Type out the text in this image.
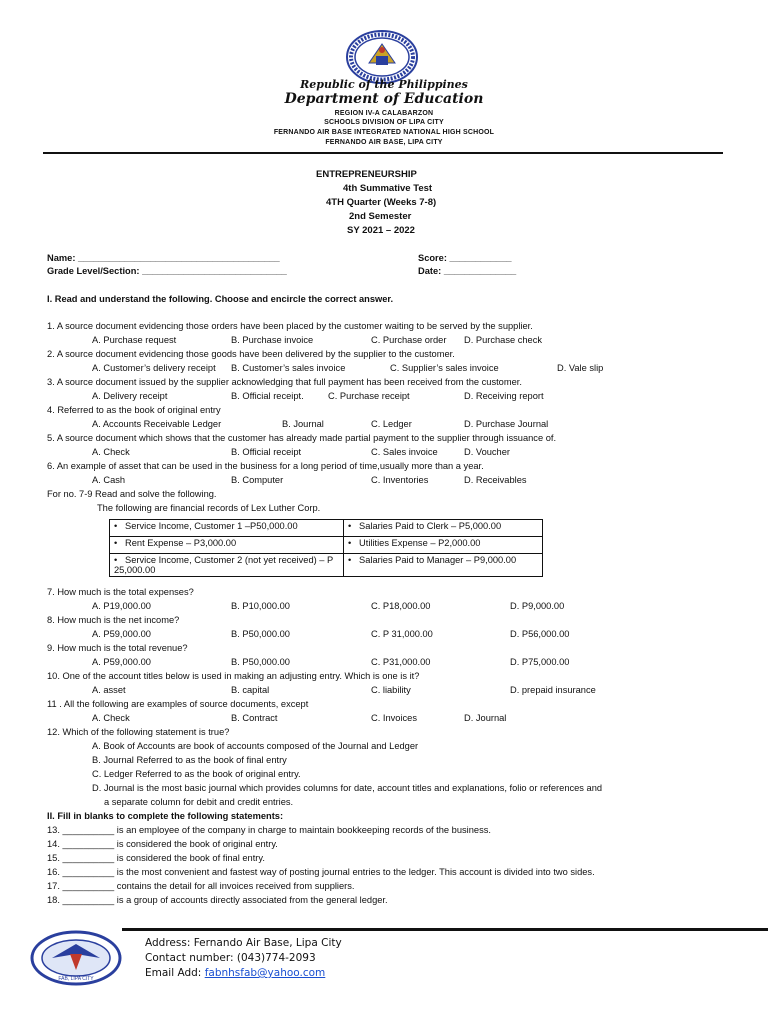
Republic of the Philippines
Department of Education
REGION IV-A CALABARZON
SCHOOLS DIVISION OF LIPA CITY
FERNANDO AIR BASE INTEGRATED NATIONAL HIGH SCHOOL
FERNANDO AIR BASE, LIPA CITY
ENTREPRENEURSHIP
4th Summative Test
4TH Quarter (Weeks 7-8)
2nd Semester
SY 2021 – 2022
Name: _______________________________________	Score: ____________
Grade Level/Section: ____________________________	Date: ______________
I. Read and understand the following. Choose and encircle the correct answer.
1. A source document evidencing those orders have been placed by the customer waiting to be served by the supplier.
A. Purchase request	B. Purchase invoice	C. Purchase order D. Purchase check
2. A source document evidencing those goods have been delivered by the supplier to the customer.
A. Customer’s delivery receipt B. Customer’s sales invoice	C. Supplier’s sales invoice	D. Vale slip
3. A source document issued by the supplier acknowledging that full payment has been received from the customer.
A. Delivery receipt	B. Official receipt.	C. Purchase receipt	D. Receiving report
4. Referred to as the book of original entry
A. Accounts Receivable Ledger	B. Journal	C. Ledger	D. Purchase Journal
5. A source document which shows that the customer has already made partial payment to the supplier through issuance of.
A. Check	B. Official receipt	C. Sales invoice	D. Voucher
6. An example of asset that can be used in the business for a long period of time,usually more than a year.
A. Cash	B. Computer	C. Inventories	D. Receivables
For no. 7-9 Read and solve the following.
The following are financial records of Lex Luther Corp.
•   Service Income, Customer 1 –P50,000.00	•   Salaries Paid to Clerk – P5,000.00
•   Rent Expense – P3,000.00	•   Utilities Expense – P2,000.00
•   Service Income, Customer 2 (not yet received) – P 25,000.00	•   Salaries Paid to Manager – P9,000.00
7. How much is the total expenses?
A. P19,000.00	B. P10,000.00	C. P18,000.00	D. P9,000.00
8. How much is the net income?
A. P59,000.00	B. P50,000.00	C. P 31,000.00	D. P56,000.00
9. How much is the total revenue?
A. P59,000.00	B. P50,000.00	C. P31,000.00	D. P75,000.00
10. One of the account titles below is used in making an adjusting entry. Which is one is it?
A. asset	B. capital	C. liability	D. prepaid insurance
11 . All the following are examples of source documents, except
A. Check	B. Contract	C. Invoices	D. Journal
12. Which of the following statement is true?
A. Book of Accounts are book of accounts composed of the Journal and Ledger
B. Journal Referred to as the book of final entry
C. Ledger Referred to as the book of original entry.
D. Journal is the most basic journal which provides columns for date, account titles and explanations, folio or references and
a separate column for debit and credit entries.
II. Fill in blanks to complete the following statements:
13. __________ is an employee of the company in charge to maintain bookkeeping records of the business.
14. __________ is considered the book of original entry.
15. __________ is considered the book of final entry.
16. __________ is the most convenient and fastest way of posting journal entries to the ledger. This account is divided into two sides.
17. __________ contains the detail for all invoices received from suppliers.
18. __________ is a group of accounts directly associated from the general ledger.
FAB, LIPA CITY
Address: Fernando Air Base, Lipa City
Contact number: (043)774-2093
Email Add: fabnhsfab@yahoo.com
